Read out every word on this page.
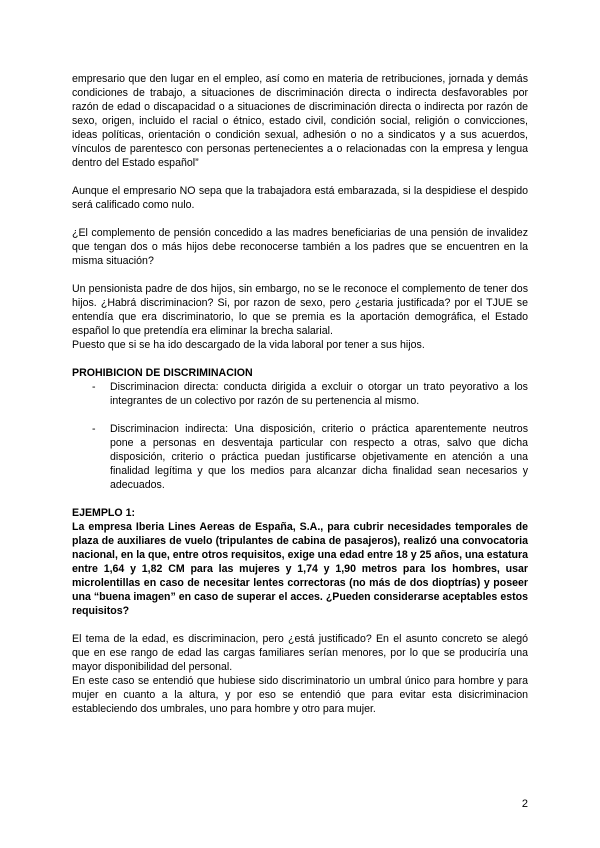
empresario que den lugar en el empleo, así como en materia de retribuciones, jornada y demás condiciones de trabajo, a situaciones de discriminación directa o indirecta desfavorables por razón de edad o discapacidad o a situaciones de discriminación directa o indirecta por razón de sexo, origen, incluido el racial o étnico, estado civil, condición social, religión o convicciones, ideas políticas, orientación o condición sexual, adhesión o no a sindicatos y a sus acuerdos, vínculos de parentesco con personas pertenecientes a o relacionadas con la empresa y lengua dentro del Estado español”

Aunque el empresario NO sepa que la trabajadora está embarazada, si la despidiese el despido será calificado como nulo.

¿El complemento de pensión concedido a las madres beneficiarias de una pensión de invalidez que tengan dos o más hijos debe reconocerse también a los padres que se encuentren en la misma situación?

Un pensionista padre de dos hijos, sin embargo, no se le reconoce el complemento de tener dos hijos. ¿Habrá discriminacion? Si, por razon de sexo, pero ¿estaria justificada? por el TJUE se entendía que era discriminatorio, lo que se premia es la aportación demográfica, el Estado español lo que pretendía era eliminar la brecha salarial.

Puesto que si se ha ido descargado de la vida laboral por tener a sus hijos.

PROHIBICION DE DISCRIMINACION

- Discriminacion directa: conducta dirigida a excluir o otorgar un trato peyorativo a los integrantes de un colectivo por razón de su pertenencia al mismo.
- Discriminacion indirecta: Una disposición, criterio o práctica aparentemente neutros pone a personas en desventaja particular con respecto a otras, salvo que dicha disposición, criterio o práctica puedan justificarse objetivamente en atención a una finalidad legítima y que los medios para alcanzar dicha finalidad sean necesarios y adecuados.

EJEMPLO 1:

La empresa Iberia Lines Aereas de España, S.A., para cubrir necesidades temporales de plaza de auxiliares de vuelo (tripulantes de cabina de pasajeros), realizó una convocatoria nacional, en la que, entre otros requisitos, exige una edad entre 18 y 25 años, una estatura entre 1,64 y 1,82 CM para las mujeres y 1,74 y 1,90 metros para los hombres, usar microlentillas en caso de necesitar lentes correctoras (no más de dos dioptrías) y poseer una “buena imagen” en caso de superar el acces. ¿Pueden considerarse aceptables estos requisitos?

El tema de la edad, es discriminacion, pero ¿está justificado? En el asunto concreto se alegó que en ese rango de edad las cargas familiares serían menores, por lo que se produciría una mayor disponibilidad del personal.

En este caso se entendió que hubiese sido discriminatorio un umbral único para hombre y para mujer en cuanto a la altura, y por eso se entendió que para evitar esta disicriminacion estableciendo dos umbrales, uno para hombre y otro para mujer.

2
